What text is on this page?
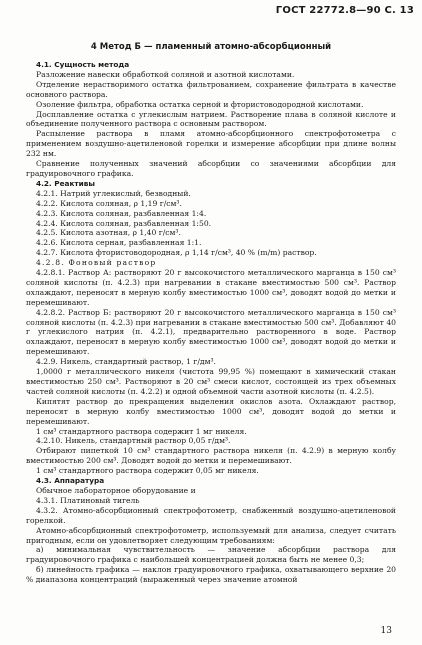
ГОСТ 22772.8—90 С. 13
4 Метод Б — пламенный атомно-абсорбционный

4.1. Сущность метода

Разложение навески обработкой соляной и азотной кислотами.

Отделение нерастворимого остатка фильтрованием, сохранение фильтрата в качестве основного раствора.

Озоление фильтра, обработка остатка серной и фтористоводородной кислотами.

Досплавление остатка с углекислым натрием. Растворение плава в соляной кислоте и объединение полученного раствора с основным раствором.

Распыление раствора в пламя атомно-абсорбционного спектрофотометра с применением воздушно-ацетиленовой горелки и измерение абсорбции при длине волны 232 нм.

Сравнение полученных значений абсорбции со значениями абсорбции для градуировочного графика.

4.2. Реактивы

4.2.1. Натрий углекислый, безводный.

4.2.2. Кислота соляная, ρ 1,19 г/см³.

4.2.3. Кислота соляная, разбавленная 1:4.

4.2.4. Кислота соляная, разбавленная 1:50.

4.2.5. Кислота азотная, ρ 1,40 г/см³.

4.2.6. Кислота серная, разбавленная 1:1.

4.2.7. Кислота фтористоводородная, ρ 1,14 г/см³, 40 % (m/m) раствор.

4.2.8. Фоновый раствор

4.2.8.1. Раствор А: растворяют 20 г высокочистого металлического марганца в 150 см³ соляной кислоты (п. 4.2.3) при нагревании в стакане вместимостью 500 см³. Раствор охлаждают, переносят в мерную колбу вместимостью 1000 см³, доводят водой до метки и перемешивают.

4.2.8.2. Раствор Б: растворяют 20 г высокочистого металлического марганца в 150 см³ соляной кислоты (п. 4.2.3) при нагревании в стакане вместимостью 500 см³. Добавляют 40 г углекислого натрия (п. 4.2.1), предварительно растворенного в воде. Раствор охлаждают, переносят в мерную колбу вместимостью 1000 см³, доводят водой до метки и перемешивают.

4.2.9. Никель, стандартный раствор, 1 г/дм³.

1,0000 г металлического никеля (чистота 99,95 %) помещают в химический стакан вместимостью 250 см³. Растворяют в 20 см³ смеси кислот, состоящей из трех объемных частей соляной кислоты (п. 4.2.2) и одной объемной части азотной кислоты (п. 4.2.5).

Кипятят раствор до прекращения выделения окислов азота. Охлаждают раствор, переносят в мерную колбу вместимостью 1000 см³, доводят водой до метки и перемешивают.

1 см³ стандартного раствора содержит 1 мг никеля.

4.2.10. Никель, стандартный раствор 0,05 г/дм³.

Отбирают пипеткой 10 см³ стандартного раствора никеля (п. 4.2.9) в мерную колбу вместимостью 200 см³. Доводят водой до метки и перемешивают.

1 см³ стандартного раствора содержит 0,05 мг никеля.

4.3. Аппаратура

Обычное лабораторное оборудование и

4.3.1. Платиновый тигель

4.3.2. Атомно-абсорбционный спектрофотометр, снабженный воздушно-ацетиленовой горелкой.

Атомно-абсорбционный спектрофотометр, используемый для анализа, следует считать пригодным, если он удовлетворяет следующим требованиям:

а) минимальная чувствительность — значение абсорбции раствора для градуировочного графика с наибольшей концентрацией должна быть не менее 0,3;

б) линейность графика — наклон градуировочного графика, охватывающего верхние 20 % диапазона концентраций (выраженный через значение атомной

13
